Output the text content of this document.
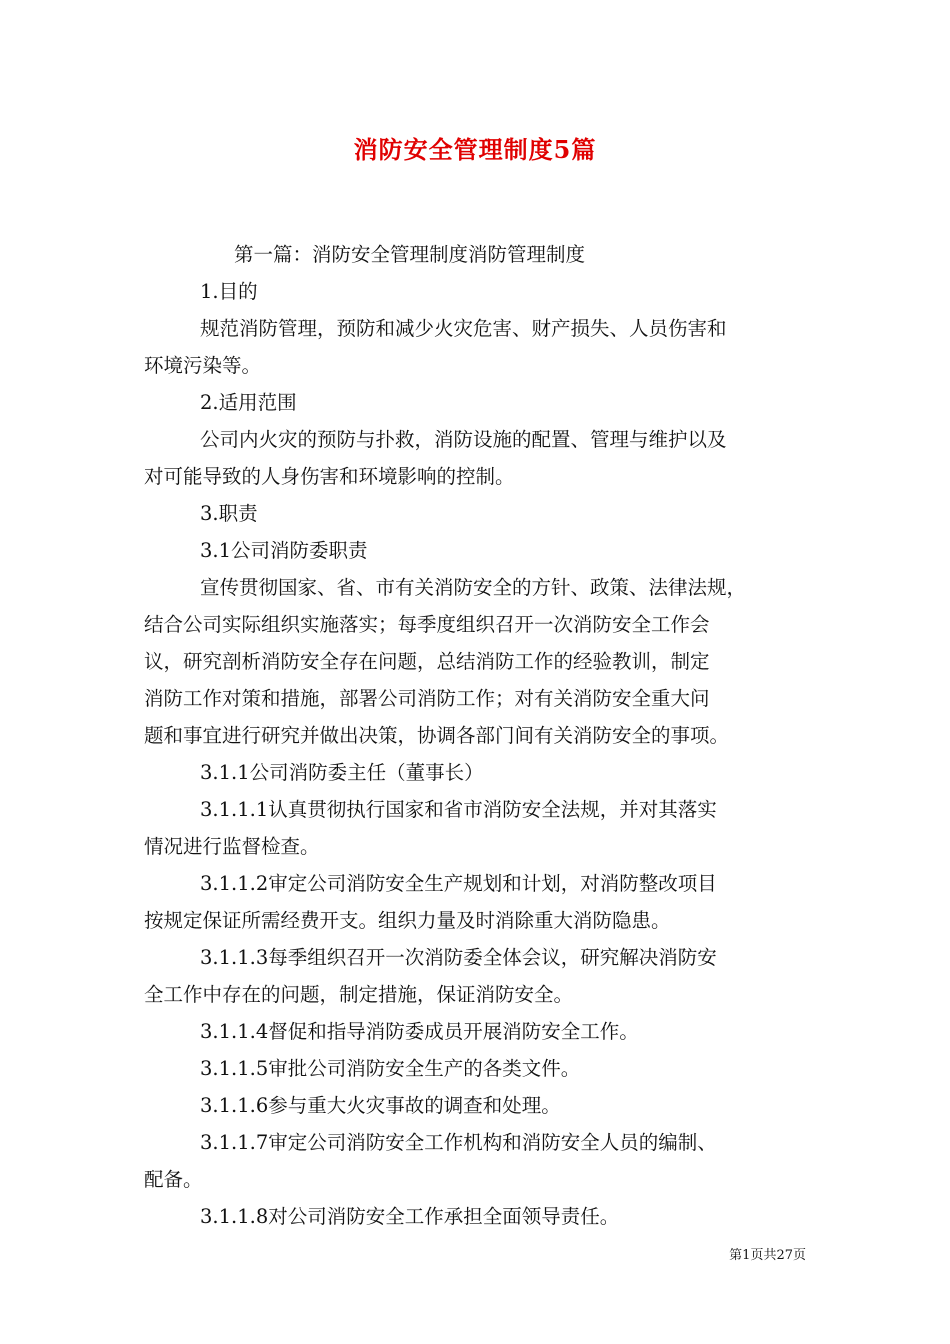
消防安全管理制度5篇
第一篇：消防安全管理制度消防管理制度
1.目的
规范消防管理，预防和减少火灾危害、财产损失、人员伤害和
环境污染等。
2.适用范围
公司内火灾的预防与扑救，消防设施的配置、管理与维护以及
对可能导致的人身伤害和环境影响的控制。
3.职责
3.1公司消防委职责
宣传贯彻国家、省、市有关消防安全的方针、政策、法律法规，
结合公司实际组织实施落实；每季度组织召开一次消防安全工作会
议，研究剖析消防安全存在问题，总结消防工作的经验教训，制定
消防工作对策和措施，部署公司消防工作；对有关消防安全重大问
题和事宜进行研究并做出决策，协调各部门间有关消防安全的事项。
3.1.1公司消防委主任（董事长）
3.1.1.1认真贯彻执行国家和省市消防安全法规，并对其落实
情况进行监督检查。
3.1.1.2审定公司消防安全生产规划和计划，对消防整改项目
按规定保证所需经费开支。组织力量及时消除重大消防隐患。
3.1.1.3每季组织召开一次消防委全体会议，研究解决消防安
全工作中存在的问题，制定措施，保证消防安全。
3.1.1.4督促和指导消防委成员开展消防安全工作。
3.1.1.5审批公司消防安全生产的各类文件。
3.1.1.6参与重大火灾事故的调查和处理。
3.1.1.7审定公司消防安全工作机构和消防安全人员的编制、
配备。
3.1.1.8对公司消防安全工作承担全面领导责任。
第1页共27页
